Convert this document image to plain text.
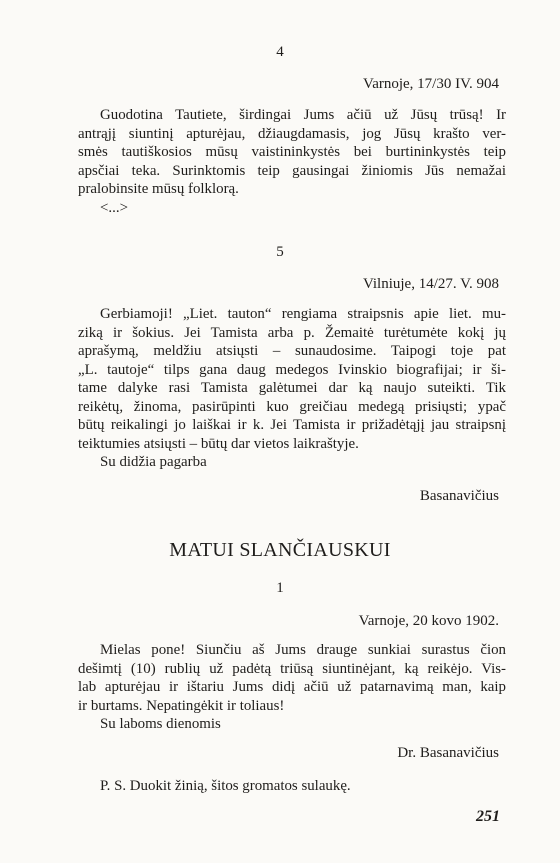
4
Varnoje, 17/30 IV. 904
Guodotina Tautiete, širdingai Jums ačiū už Jūsų trūsą! Ir
antrąjį siuntinį apturėjau, džiaugdamasis, jog Jūsų krašto ver-
smės tautiškosios mūsų vaistininkystės bei burtininkystės teip
apsčiai teka. Surinktomis teip gausingai žiniomis Jūs nemažai
pralobinsite mūsų folklorą.
<...>
5
Vilniuje, 14/27. V. 908
Gerbiamoji! „Liet. tauton“ rengiama straipsnis apie liet. mu-
ziką ir šokius. Jei Tamista arba p. Žemaitė turėtumėte kokį jų
aprašymą, meldžiu atsiųsti – sunaudosime. Taipogi toje pat
„L. tautoje“ tilps gana daug medegos Ivinskio biografijai; ir ši-
tame dalyke rasi Tamista galėtumei dar ką naujo suteikti. Tik
reikėtų, žinoma, pasirūpinti kuo greičiau medegą prisiųsti; ypač
būtų reikalingi jo laiškai ir k. Jei Tamista ir prižadėtąjį jau straipsnį
teiktumies atsiųsti – būtų dar vietos laikraštyje.
Su didžia pagarba
Basanavičius
MATUI SLANČIAUSKUI
1
Varnoje, 20 kovo 1902.
Mielas pone! Siunčiu aš Jums drauge sunkiai surastus čion
dešimtį (10) rublių už padėtą triūsą siuntinėjant, ką reikėjo. Vis-
lab apturėjau ir ištariu Jums didį ačiū už patarnavimą man, kaip
ir burtams. Nepatingėkit ir toliaus!
Su laboms dienomis
Dr. Basanavičius
P. S. Duokit žinią, šitos gromatos sulaukę.
251
